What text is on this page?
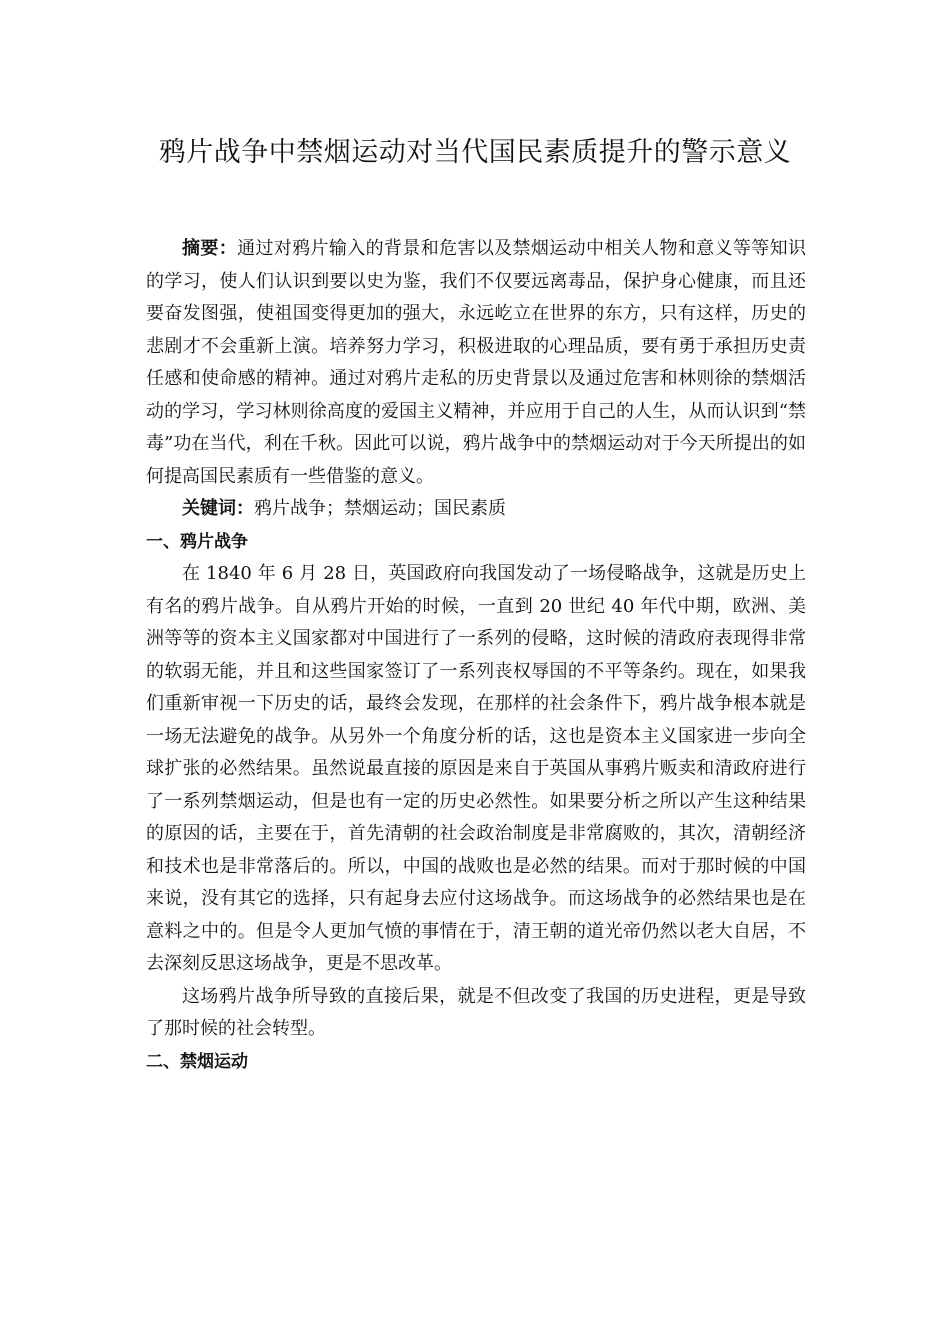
鸦片战争中禁烟运动对当代国民素质提升的警示意义

摘要：通过对鸦片输入的背景和危害以及禁烟运动中相关人物和意义等等知识的学习，使人们认识到要以史为鉴，我们不仅要远离毒品，保护身心健康，而且还要奋发图强，使祖国变得更加的强大，永远屹立在世界的东方，只有这样，历史的悲剧才不会重新上演。培养努力学习，积极进取的心理品质，要有勇于承担历史责任感和使命感的精神。通过对鸦片走私的历史背景以及通过危害和林则徐的禁烟活动的学习，学习林则徐高度的爱国主义精神，并应用于自己的人生，从而认识到“禁毒”功在当代，利在千秋。因此可以说，鸦片战争中的禁烟运动对于今天所提出的如何提高国民素质有一些借鉴的意义。

关键词：鸦片战争；禁烟运动；国民素质

一、鸦片战争

在 1840 年 6 月 28 日，英国政府向我国发动了一场侵略战争，这就是历史上有名的鸦片战争。自从鸦片开始的时候，一直到 20 世纪 40 年代中期，欧洲、美洲等等的资本主义国家都对中国进行了一系列的侵略，这时候的清政府表现得非常的软弱无能，并且和这些国家签订了一系列丧权辱国的不平等条约。现在，如果我们重新审视一下历史的话，最终会发现，在那样的社会条件下，鸦片战争根本就是一场无法避免的战争。从另外一个角度分析的话，这也是资本主义国家进一步向全球扩张的必然结果。虽然说最直接的原因是来自于英国从事鸦片贩卖和清政府进行了一系列禁烟运动，但是也有一定的历史必然性。如果要分析之所以产生这种结果的原因的话，主要在于，首先清朝的社会政治制度是非常腐败的，其次，清朝经济和技术也是非常落后的。所以，中国的战败也是必然的结果。而对于那时候的中国来说，没有其它的选择，只有起身去应付这场战争。而这场战争的必然结果也是在意料之中的。但是令人更加气愤的事情在于，清王朝的道光帝仍然以老大自居，不去深刻反思这场战争，更是不思改革。

这场鸦片战争所导致的直接后果，就是不但改变了我国的历史进程，更是导致了那时候的社会转型。

二、禁烟运动
